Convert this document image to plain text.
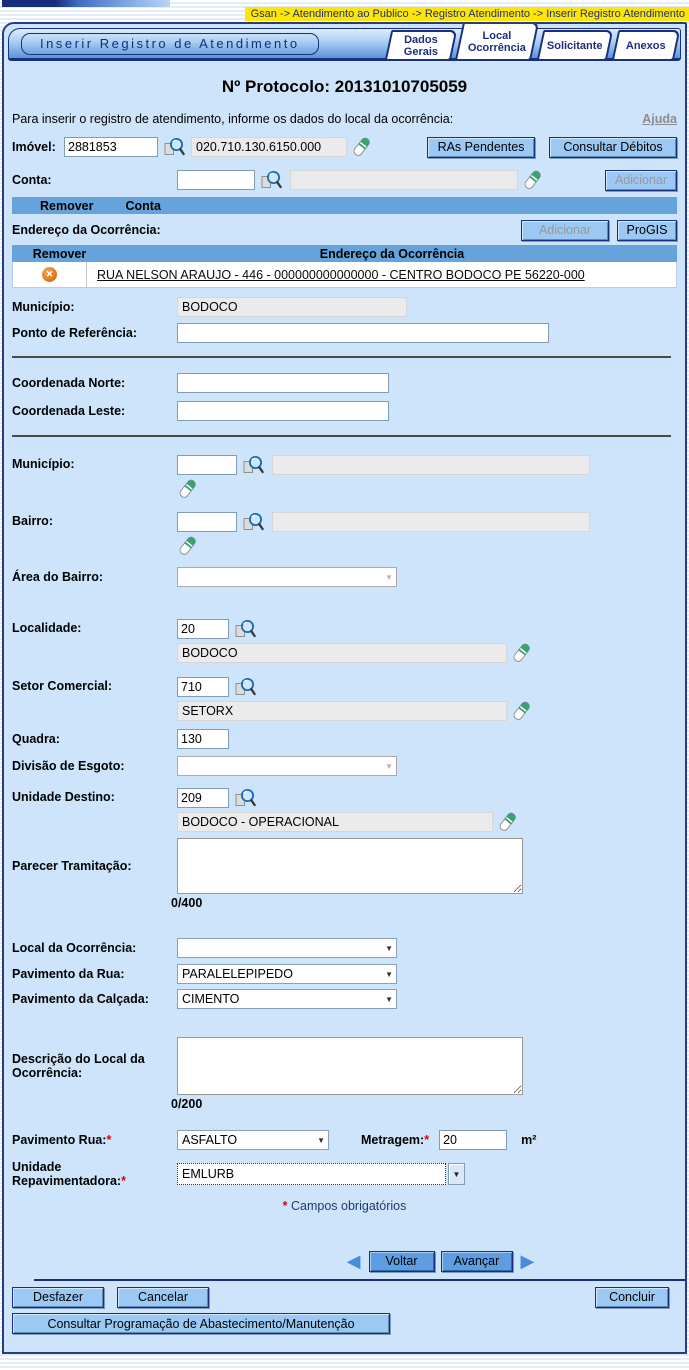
Gsan -> Atendimento ao Publico -> Registro Atendimento -> Inserir Registro Atendimento
Inserir Registro de Atendimento	Dados Gerais
Local Ocorrência	Solicitante	Anexos
Nº Protocolo: 20131010705059
Para inserir o registro de atendimento, informe os dados do local da ocorrência:	Ajuda
Imóvel:
2881853	020.710.130.6150.000	RAs Pendentes	Consultar Débitos
Conta:	Adicionar
Remover	Conta
Endereço da Ocorrência:	Adicionar	ProGIS
Remover	Endereço da Ocorrência
✕	RUA NELSON ARAUJO - 446 - 000000000000000 - CENTRO BODOCO PE 56220-000
Município:	BODOCO
Ponto de Referência:
Coordenada Norte:
Coordenada Leste:
Município:
Bairro:
Área do Bairro:	▼
Localidade:
20
BODOCO
Setor Comercial:
710
SETORX
Quadra:
130
Divisão de Esgoto:	▼
Unidade Destino:
209
BODOCO - OPERACIONAL
Parecer Tramitação:
0/400
Local da Ocorrência:	▼
Pavimento da Rua:	PARALELEPIPEDO	▼
Pavimento da Calçada:	CIMENTO	▼
Descrição do Local da Ocorrência:
0/200
Pavimento Rua:*	ASFALTO	▼	Metragem:*
20	m²
Unidade Repavimentadora:*	EMLURB	▼
* Campos obrigatórios
◀	Voltar	Avançar	▶
Desfazer	Cancelar	Concluir
Consultar Programação de Abastecimento/Manutenção
